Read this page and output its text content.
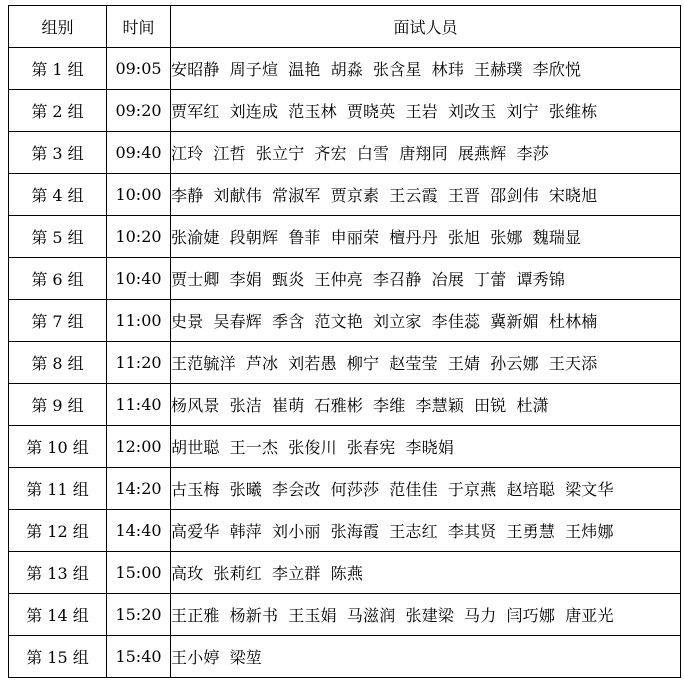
组别	时间	面试人员
第 1 组	09:05	安昭静 周子煊 温艳 胡淼 张含星 林玮 王赫璞 李欣悦
第 2 组	09:20	贾军红 刘连成 范玉林 贾晓英 王岩 刘改玉 刘宁 张维栋
第 3 组	09:40	江玲 江哲 张立宁 齐宏 白雪 唐翔同 展燕辉 李莎
第 4 组	10:00	李静 刘献伟 常淑军 贾京素 王云霞 王晋 邵剑伟 宋晓旭
第 5 组	10:20	张渝婕 段朝辉 鲁菲 申丽荣 檀丹丹 张旭 张娜 魏瑞显
第 6 组	10:40	贾士卿 李娟 甄炎 王仲亮 李召静 冶展 丁蕾 谭秀锦
第 7 组	11:00	史景 吴春辉 季含 范文艳 刘立家 李佳蕊 冀新媚 杜林楠
第 8 组	11:20	王范毓洋 芦冰 刘若愚 柳宁 赵莹莹 王婧 孙云娜 王天添
第 9 组	11:40	杨风景 张洁 崔萌 石雅彬 李维 李慧颖 田锐 杜潇
第 10 组	12:00	胡世聪 王一杰 张俊川 张春宪 李晓娟
第 11 组	14:20	古玉梅 张曦 李会改 何莎莎 范佳佳 于京燕 赵培聪 梁文华
第 12 组	14:40	高爱华 韩萍 刘小丽 张海霞 王志红 李其贤 王勇慧 王炜娜
第 13 组	15:00	高玫 张莉红 李立群 陈燕
第 14 组	15:20	王正雅 杨新书 王玉娟 马滋润 张建梁 马力 闫巧娜 唐亚光
第 15 组	15:40	王小婷 梁堃
